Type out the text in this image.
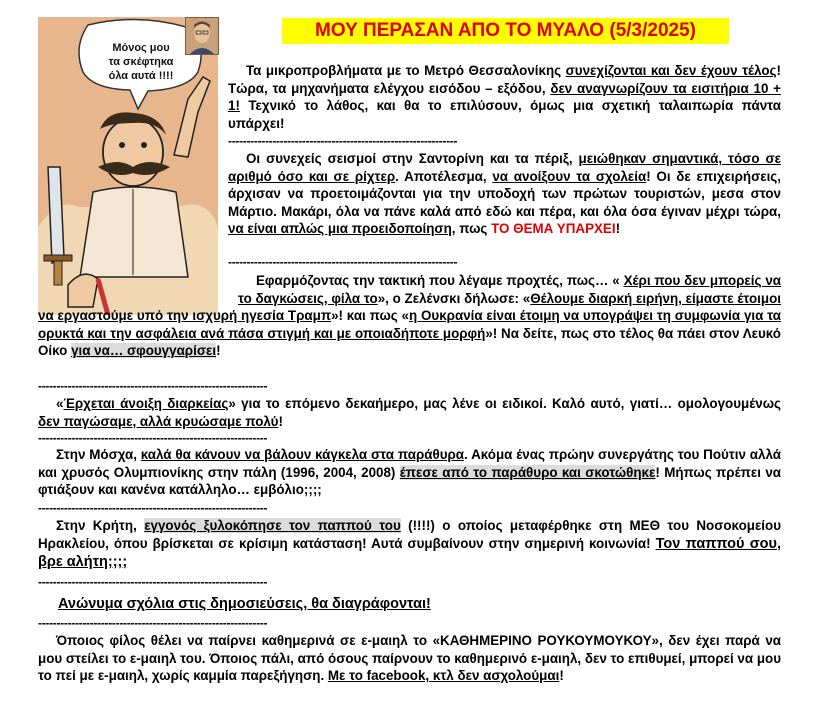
Μόνος μου
τα σκέφτηκα
όλα αυτά !!!!
ΜΟΥ ΠΕΡΑΣΑΝ ΑΠΟ ΤΟ ΜΥΑΛΟ (5/3/2025)
Τα μικροπροβλήματα με το Μετρό Θεσσαλονίκης συνεχίζονται και δεν έχουν τέλος! Τώρα, τα μηχανήματα ελέγχου εισόδου – εξόδου, δεν αναγνωρίζουν τα εισιτήρια 10 + 1! Τεχνικό το λάθος, και θα το επιλύσουν, όμως μια σχετική ταλαιπωρία πάντα υπάρχει!
--------------------------------------------------------------
Οι συνεχείς σεισμοί στην Σαντορίνη και τα πέριξ, μειώθηκαν σημαντικά, τόσο σε αριθμό όσο και σε ρίχτερ. Αποτέλεσμα, να ανοίξουν τα σχολεία! Οι δε επιχειρήσεις, άρχισαν να προετοιμάζονται για την υποδοχή των πρώτων τουριστών, μεσα στον Μάρτιο. Μακάρι, όλα να πάνε καλά από εδώ και πέρα, και όλα όσα έγιναν μέχρι τώρα, να είναι απλώς μια προειδοποίηση, πως ΤΟ ΘΕΜΑ ΥΠΑΡΧΕΙ!
--------------------------------------------------------------
Εφαρμόζοντας την τακτική που λέγαμε προχτές, πως… « Χέρι που δεν μπορείς να το δαγκώσεις, φίλα το», ο Ζελένσκι δήλωσε: «Θέλουμε διαρκή ειρήνη, είμαστε έτοιμοι να εργαστούμε υπό την ισχυρή ηγεσία Τραμπ»! και πως «η Ουκρανία είναι έτοιμη να υπογράψει τη συμφωνία για τα ορυκτά και την ασφάλεια ανά πάσα στιγμή και με οποιαδήποτε μορφή»! Να δείτε, πως στο τέλος θα πάει στον Λευκό Οίκο για να… σφουγγαρίσει!
--------------------------------------------------------------
«Έρχεται άνοιξη διαρκείας» για το επόμενο δεκαήμερο, μας λένε οι ειδικοί. Καλό αυτό, γιατί… ομολογουμένως δεν παγώσαμε, αλλά κρυώσαμε πολύ!
--------------------------------------------------------------
Στην Μόσχα, καλά θα κάνουν να βάλουν κάγκελα στα παράθυρα. Ακόμα ένας πρώην συνεργάτης του Πούτιν αλλά και χρυσός Ολυμπιονίκης στην πάλη (1996, 2004, 2008) έπεσε από το παράθυρο και σκοτώθηκε! Μήπως πρέπει να φτιάξουν και κανένα κατάλληλο… εμβόλιο;;;;
--------------------------------------------------------------
Στην Κρήτη, εγγονός ξυλοκόπησε τον παππού του (!!!!) ο οποίος μεταφέρθηκε στη ΜΕΘ του Νοσοκομείου Ηρακλείου, όπου βρίσκεται σε κρίσιμη κατάσταση! Αυτά συμβαίνουν στην σημερινή κοινωνία! Τον παππού σου, βρε αλήτη;;;;
--------------------------------------------------------------
Ανώνυμα σχόλια στις δημοσιεύσεις, θα διαγράφονται!
--------------------------------------------------------------
Όποιος φίλος θέλει να παίρνει καθημερινά σε ε-μαιηλ το «ΚΑΘΗΜΕΡΙΝΟ ΡΟΥΚΟΥΜΟΥΚΟΥ», δεν έχει παρά να μου στείλει το ε-μαιηλ του. Όποιος πάλι, από όσους παίρνουν το καθημερινό ε-μαιηλ, δεν το επιθυμεί, μπορεί να μου το πεί με ε-μαιηλ, χωρίς καμμία παρεξήγηση. Με το facebook, κτλ δεν ασχολούμαι!
